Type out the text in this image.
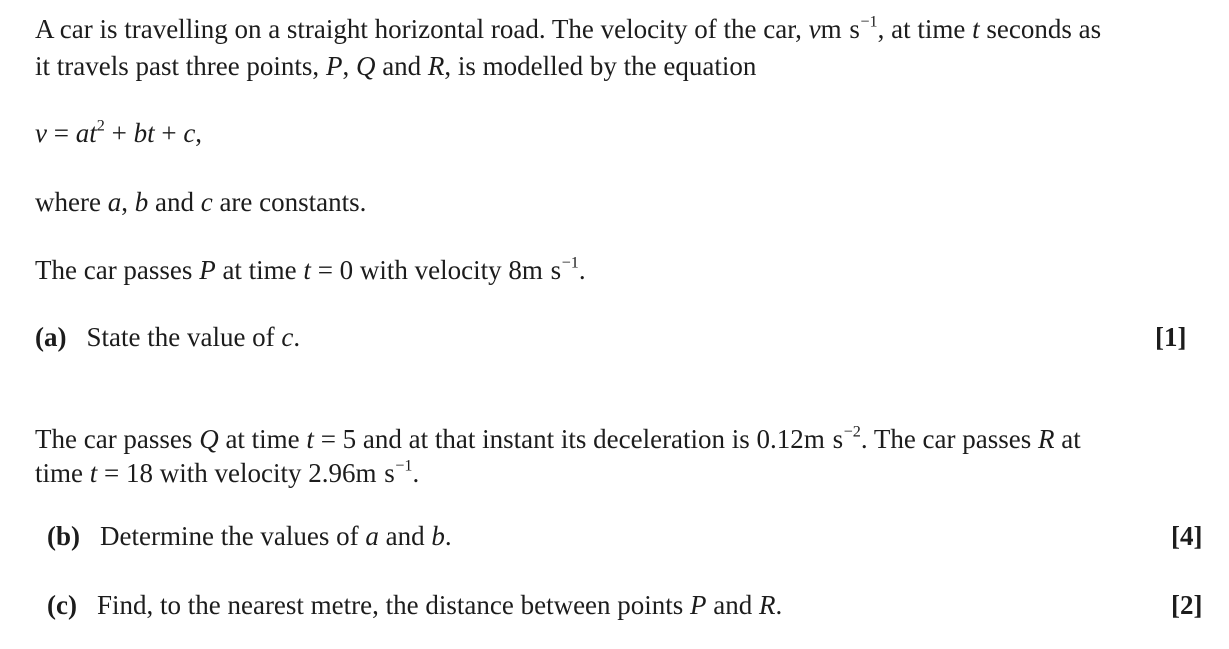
A car is travelling on a straight horizontal road. The velocity of the car, vm $s^{-1}$, at time t seconds as
it travels past three points, P, Q and R, is modelled by the equation
$v = at^2$ + bt + c,
where a, b and c are constants.
The car passes P at time t = 0 with velocity 8m $s^{-1}$.
(a) State the value of c.	[1]
The car passes Q at time t = 5 and at that instant its deceleration is 0.12m $s^{-2}$. The car passes R at
time t = 18 with velocity 2.96m $s^{-1}$.
(b) Determine the values of a and b.	[4]
(c) Find, to the nearest metre, the distance between points P and R.	[2]
